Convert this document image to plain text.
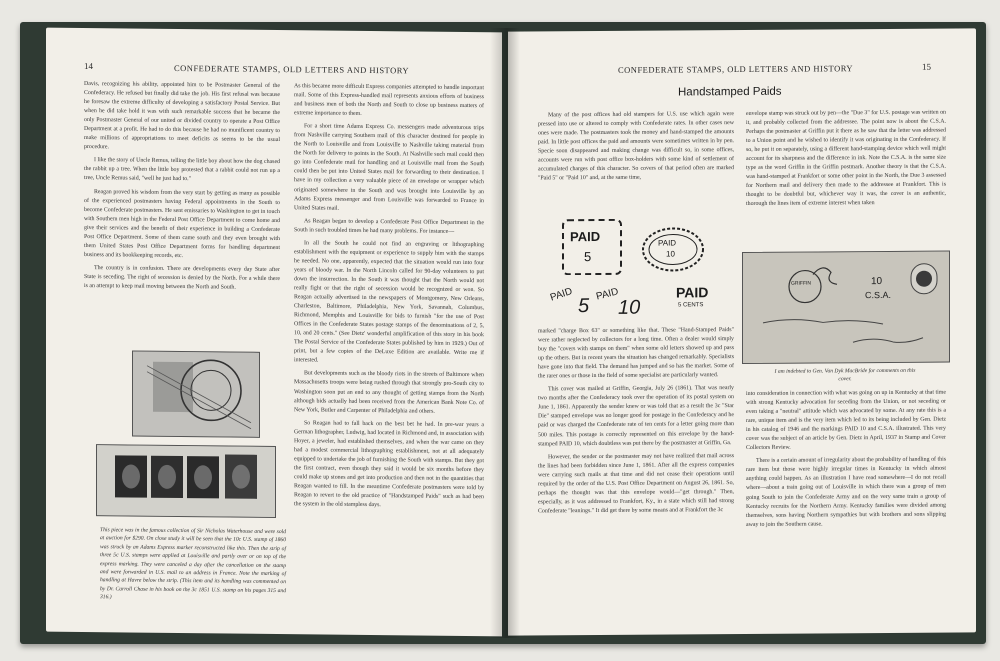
14	CONFEDERATE STAMPS, OLD LETTERS AND HISTORY

Davis, recognizing his ability, appointed him to be Postmaster General of the Confederacy. He refused but finally did take the job. His first refusal was because he foresaw the extreme difficulty of developing a satisfactory Postal Service. But when he did take hold it was with such remarkable success that he became the only Postmaster General of our united or divided country to operate a Post Office Department at a profit. He had to do this because he had no munificent country to make millions of appropriations to meet deficits as seems to be the usual procedure.

I like the story of Uncle Remus, telling the little boy about how the dog chased the rabbit up a tree. When the little boy protested that a rabbit could not run up a tree, Uncle Remus said, "well he just had to."

Reagan proved his wisdom from the very start by getting as many as possible of the experienced postmasters having Federal appointments in the South to become Confederate postmasters. He sent emissaries to Washington to get in touch with Southern men high in the Federal Post Office Department to come home and give their services and the benefit of their experience in building a Confederate Post Office Department. Some of them came south and they even brought with them United States Post Office Department forms for handling department business and its bookkeeping records, etc.

The country is in confusion. There are developments every day State after State is seceding. The right of secession is denied by the North. For a while there is an attempt to keep mail moving between the North and South.

This piece was in the famous collection of Sir Nicholas Waterhouse and were sold at auction for $290. On close study it will be seen that the 10c U.S. stamp of 1860 was struck by an Adams Express marker reconstructed like this. Then the strip of three 5c U.S. stamps were applied at Louisville and partly over or on top of the express marking. They were canceled a day after the cancellation on the stamp and were forwarded in U.S. mail to an address in France. Note the marking of handling at Havre below the strip. (This item and its handling was commented on by Dr. Carroll Chase in his book on the 3c 1851 U.S. stamp on his pages 315 and 316.)

As this became more difficult Express companies attempted to handle important mail. Some of this Express-handled mail represents anxious efforts of business and business men of both the North and South to close up business matters of extreme importance to them.

For a short time Adams Express Co. messengers made adventurous trips from Nashville carrying Southern mail of this character destined for people in the North to Louisville and from Louisville to Nashville taking material from the North for delivery to points in the South. At Nashville such mail could then go into Confederate mail for handling and at Louisville mail from the South could then be put into United States mail for forwarding to their destination. I have in my collection a very valuable piece of an envelope or wrapper which originated somewhere in the South and was brought into Louisville by an Adams Express messenger and from Louisville was forwarded to France in United States mail.

As Reagan began to develop a Confederate Post Office Department in the South in such troubled times he had many problems. For instance—

In all the South he could not find an engraving or lithographing establishment with the equipment or experience to supply him with the stamps he needed. No one, apparently, expected that the situation would run into four years of bloody war. In the North Lincoln called for 90-day volunteers to put down the insurrection. In the South it was thought that the North would not really fight or that the right of secession would be recognized or won. So Reagan actually advertised in the newspapers of Montgomery, New Orleans, Charleston, Baltimore, Philadelphia, New York, Savannah, Columbus, Richmond, Memphis and Louisville for bids to furnish "for the use of Post Offices in the Confederate States postage stamps of the denominations of 2, 5, 10, and 20 cents." (See Dietz' wonderful amplification of this story in his book The Postal Service of the Confederate States published by him in 1929.) Out of print, but a few copies of the DeLuxe Edition are available. Write me if interested.

But developments such as the bloody riots in the streets of Baltimore when Massachusetts troops were being rushed through that strongly pro-South city to Washington soon put an end to any thought of getting stamps from the North although bids actually had been received from the American Bank Note Co. of New York, Butler and Carpenter of Philadelphia and others.

So Reagan had to fall back on the best bet he had. In pre-war years a German lithographer, Ludwig, had located in Richmond and, in association with Hoyer, a jeweler, had established themselves, and when the war came on they had a modest commercial lithographing establishment, not at all adequately equipped to undertake the job of furnishing the South with stamps. But they got the first contract, even though they said it would be six months before they could make up stones and get into production and then not in the quantities that Reagan wanted to fill. In the meantime Confederate postmasters were told by Reagan to revert to the old practice of "Handstamped Paids" such as had been the system in the old stampless days.

CONFEDERATE STAMPS, OLD LETTERS AND HISTORY	15
Handstamped Paids

Many of the post offices had old stampers for U.S. use which again were pressed into use or altered to comply with Confederate rates. In other cases new ones were made. The postmasters took the money and hand-stamped the amounts paid. In little post offices the paid and amounts were sometimes written in by pen. Specie soon disappeared and making change was difficult so, in some offices, accounts were run with post office box-holders with some kind of settlement of accumulated charges of this character. So covers of that period often are marked "Paid 5" or "Paid 10" and, at the same time,

PAID
5
PAID
10
PAID
5
PAID
10
PAID
5 CENTS

marked "charge Box 63" or something like that. These "Hand-Stamped Paids" were rather neglected by collectors for a long time. Often a dealer would simply buy the "covers with stamps on them" when some old letters showed up and pass up the others. But in recent years the situation has changed remarkably. Specialists have gone into that field. The demand has jumped and so has the market. Some of the rarer ones or those in the field of some specialist are particularly wanted.

This cover was mailed at Griffin, Georgia, July 26 (1861). That was nearly two months after the Confederacy took over the operation of its postal system on June 1, 1861. Apparently the sender knew or was told that as a result the 3c "Star Die" stamped envelope was no longer good for postage in the Confederacy and he paid or was charged the Confederate rate of ten cents for a letter going more than 500 miles. This postage is correctly represented on this envelope by the hand-stamped PAID 10, which doubtless was put there by the postmaster at Griffin, Ga.

However, the sender or the postmaster may not have realized that mail across the lines had been forbidden since June 1, 1861. After all the express companies were carrying such mails at that time and did not cease their operations until required by the order of the U.S. Post Office Department on August 26, 1861. So, perhaps the thought was that this envelope would—"get through." Then, especially, as it was addressed to Frankfort, Ky., in a state which still had strong Confederate "leanings." It did get there by some means and at Frankfort the 3c

envelope stamp was struck out by pen—the "Due 3" for U.S. postage was written on it, and probably collected from the addressee. The point now is about the C.S.A. Perhaps the postmaster at Griffin put it there as he saw that the letter was addressed to a Union point and he wished to identify it was originating in the Confederacy. If so, he put it on separately, using a different hand-stamping device which well might account for its sharpness and the difference in ink. Note the C.S.A. is the same size type as the word Griffin in the Griffin postmark. Another theory is that the C.S.A. was hand-stamped at Frankfort or some other point in the North, the Due 3 assessed for Northern mail and delivery then made to the addressee at Frankfort. This is thought to be doubtful but, whichever way it was, the cover is an authentic, thorough the lines item of extreme interest when taken

GRIFFIN	10
C.S.A.
I am indebted to Gen. Van Dyk MacBride for comments on this cover.

into consideration in connection with what was going on up in Kentucky at that time with strong Kentucky advocation for seceding from the Union, or not seceding or even taking a "neutral" attitude which was advocated by some. At any rate this is a rare, unique item and is the very item which led to its being included by Gen. Dietz in his catalog of 1946 and the markings PAID 10 and C.S.A. illustrated. This very cover was the subject of an article by Gen. Dietz in April, 1937 in Stamp and Cover Collectors Review.

There is a certain amount of irregularity about the probability of handling of this rare item but those were highly irregular times in Kentucky in which almost anything could happen. As an illustration I have read somewhere—I do not recall where—about a train going out of Louisville in which there was a group of men going South to join the Confederate Army and on the very same train a group of Kentucky recruits for the Northern Army. Kentucky families were divided among themselves, sons having Northern sympathies but with brothers and sons slipping away to join the Southern cause.
